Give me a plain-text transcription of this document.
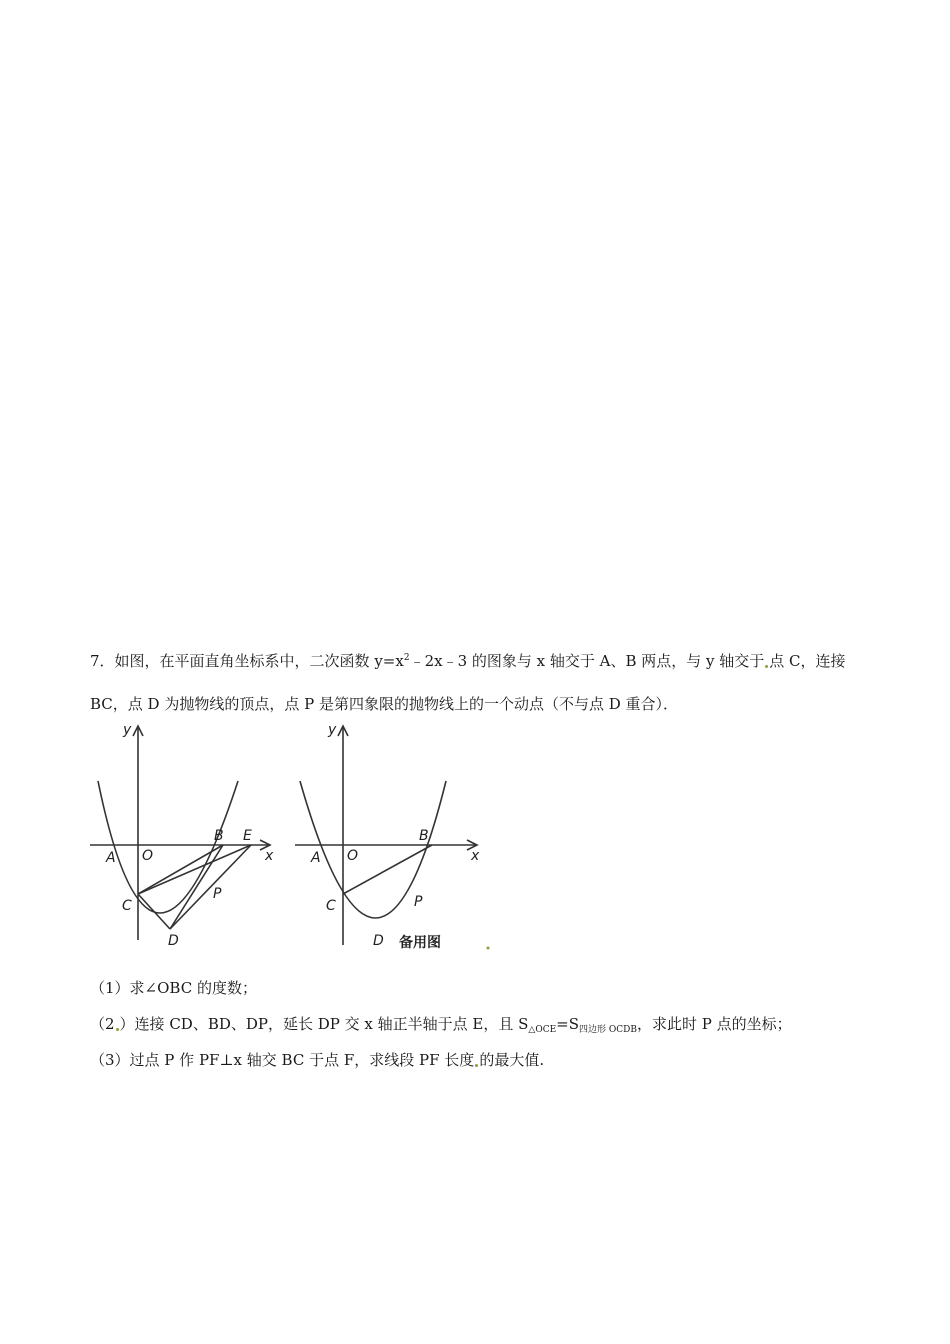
7．如图，在平面直角坐标系中，二次函数 $y=x^2﹣2x﹣3$ 的图象与 x 轴交于 A、B 两点，与 y 轴交于 点 C，连接
BC，点 D 为抛物线的顶点，点 P 是第四象限的抛物线上的一个动点（不与点 D 重合）．
y
x
O
A
B E
C
P
D
y
x
O
A
B
C	P
D 备用图
（1）求∠OBC 的度数；
（2 ）连接 CD、BD、DP，延长 DP 交 x 轴正半轴于点 E，且 $S_{\triangle OCE}=S_{四边形 OCDB}$，求此时 P 点的坐标；
（3）过点 P 作 PF⊥x 轴交 BC 于点 F，求线段 PF 长度 的最大值.
